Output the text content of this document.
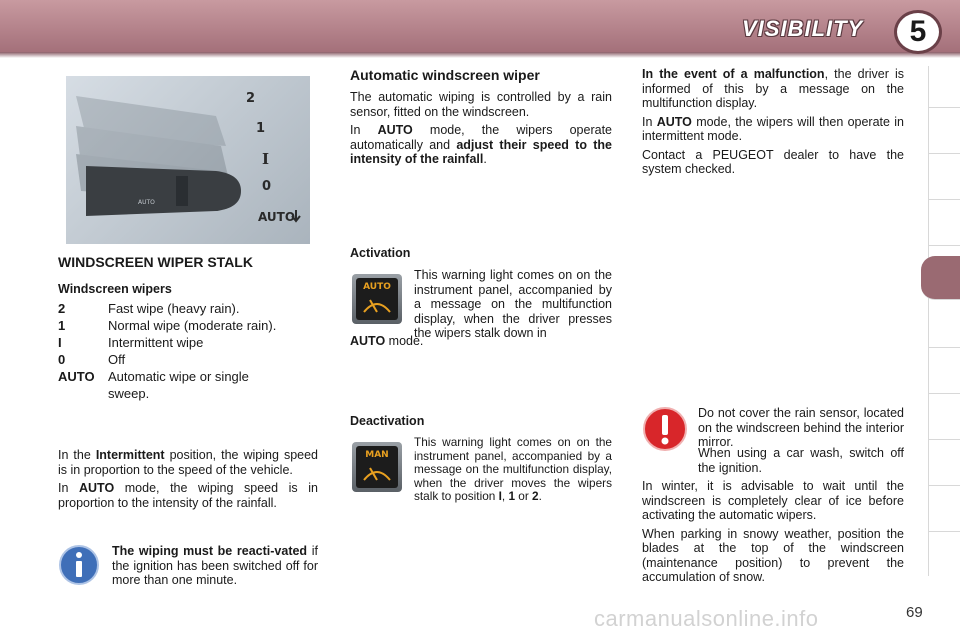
VISIBILITY	5
AUTO
2
1
I
0
AUTO
WINDSCREEN WIPER STALK
Windscreen wipers
2	Fast wipe (heavy rain).
1	Normal wipe (moderate rain).
I	Intermittent wipe
0	Off
AUTO	Automatic wipe or single sweep.

In the Intermittent position, the wiping speed is in proportion to the speed of the vehicle.

In AUTO mode, the wiping speed is in proportion to the intensity of the rainfall.

The wiping must be reacti-vated if the ignition has been switched off for more than one minute.
Automatic windscreen wiper

The automatic wiping is controlled by a rain sensor, fitted on the windscreen.

In AUTO mode, the wipers operate automatically and adjust their speed to the intensity of the rainfall.

Activation
AUTO
This warning light comes on on the instrument panel, accompanied by a message on the multifunction display, when the driver presses the wipers stalk down in
AUTO mode.
Deactivation
MAN
This warning light comes on on the instrument panel, accompanied by a message on the multifunction display, when the driver moves the wipers stalk to position I, 1 or 2.

In the event of a malfunction, the driver is informed of this by a message on the multifunction display.

In AUTO mode, the wipers will then operate in intermittent mode.

Contact a PEUGEOT dealer to have the system checked.

Do not cover the rain sensor, located on the windscreen behind the interior mirror.

When using a car wash, switch off the ignition.

In winter, it is advisable to wait until the windscreen is completely clear of ice before activating the automatic wipers.

When parking in snowy weather, position the blades at the top of the windscreen (maintenance position) to prevent the accumulation of snow.

carmanualsonline.info	69
